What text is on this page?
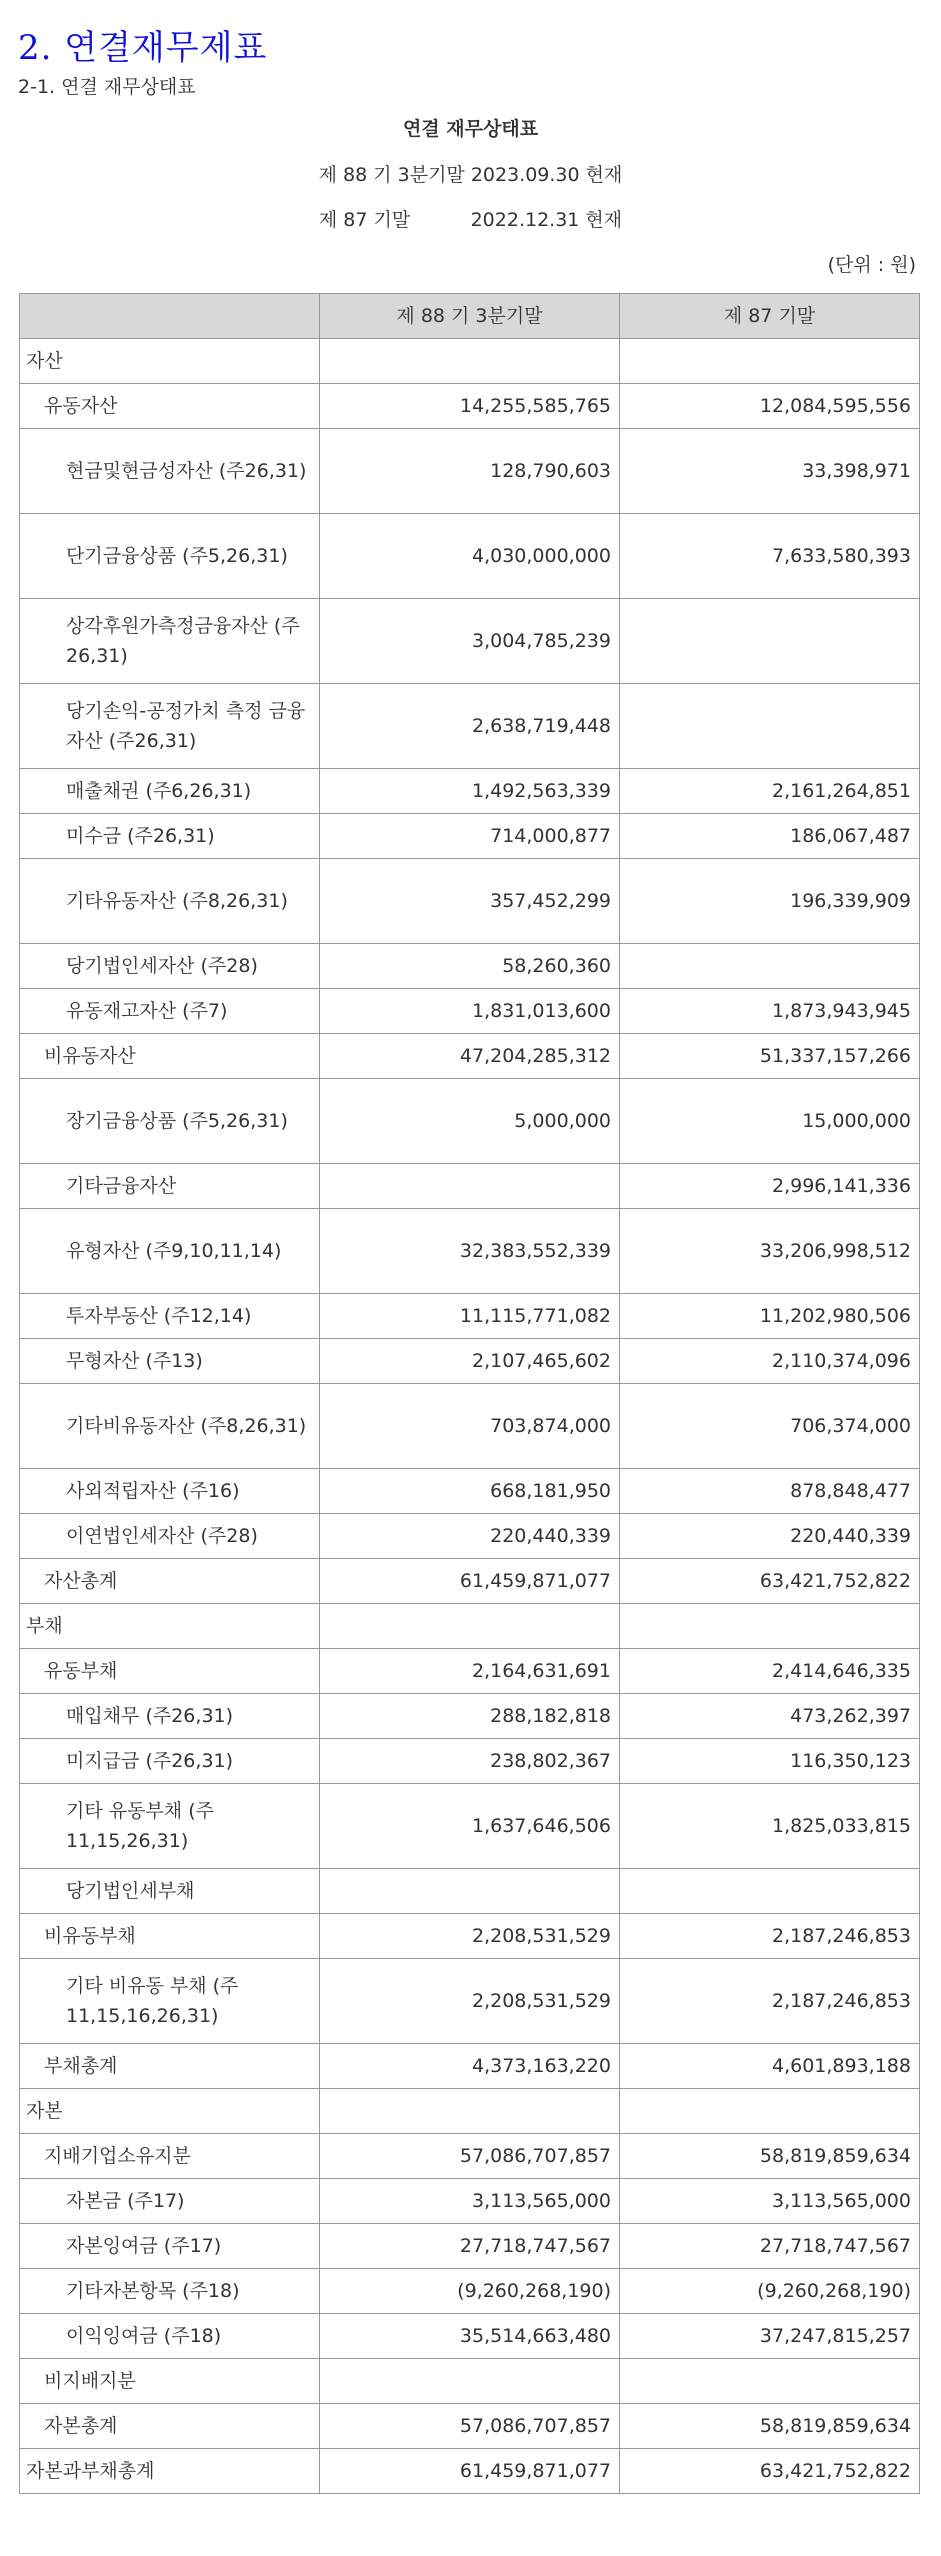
2. 연결재무제표
2-1. 연결 재무상태표
연결 재무상태표
제 88 기 3분기말 2023.09.30 현재
제 87 기말          2022.12.31 현재
(단위 : 원)
	제 88 기 3분기말	제 87 기말
자산		
유동자산	14,255,585,765	12,084,595,556
현금및현금성자산 (주26,31)	128,790,603	33,398,971
단기금융상품 (주5,26,31)	4,030,000,000	7,633,580,393
상각후원가측정금융자산 (주26,31)	3,004,785,239	
당기손익-공정가치 측정 금융자산 (주26,31)	2,638,719,448	
매출채권 (주6,26,31)	1,492,563,339	2,161,264,851
미수금 (주26,31)	714,000,877	186,067,487
기타유동자산 (주8,26,31)	357,452,299	196,339,909
당기법인세자산 (주28)	58,260,360	
유동재고자산 (주7)	1,831,013,600	1,873,943,945
비유동자산	47,204,285,312	51,337,157,266
장기금융상품 (주5,26,31)	5,000,000	15,000,000
기타금융자산		2,996,141,336
유형자산 (주9,10,11,14)	32,383,552,339	33,206,998,512
투자부동산 (주12,14)	11,115,771,082	11,202,980,506
무형자산 (주13)	2,107,465,602	2,110,374,096
기타비유동자산 (주8,26,31)	703,874,000	706,374,000
사외적립자산 (주16)	668,181,950	878,848,477
이연법인세자산 (주28)	220,440,339	220,440,339
자산총계	61,459,871,077	63,421,752,822
부채		
유동부채	2,164,631,691	2,414,646,335
매입채무 (주26,31)	288,182,818	473,262,397
미지급금 (주26,31)	238,802,367	116,350,123
기타 유동부채 (주11,15,26,31)	1,637,646,506	1,825,033,815
당기법인세부채		
비유동부채	2,208,531,529	2,187,246,853
기타 비유동 부채 (주11,15,16,26,31)	2,208,531,529	2,187,246,853
부채총계	4,373,163,220	4,601,893,188
자본		
지배기업소유지분	57,086,707,857	58,819,859,634
자본금 (주17)	3,113,565,000	3,113,565,000
자본잉여금 (주17)	27,718,747,567	27,718,747,567
기타자본항목 (주18)	(9,260,268,190)	(9,260,268,190)
이익잉여금 (주18)	35,514,663,480	37,247,815,257
비지배지분		
자본총계	57,086,707,857	58,819,859,634
자본과부채총계	61,459,871,077	63,421,752,822
